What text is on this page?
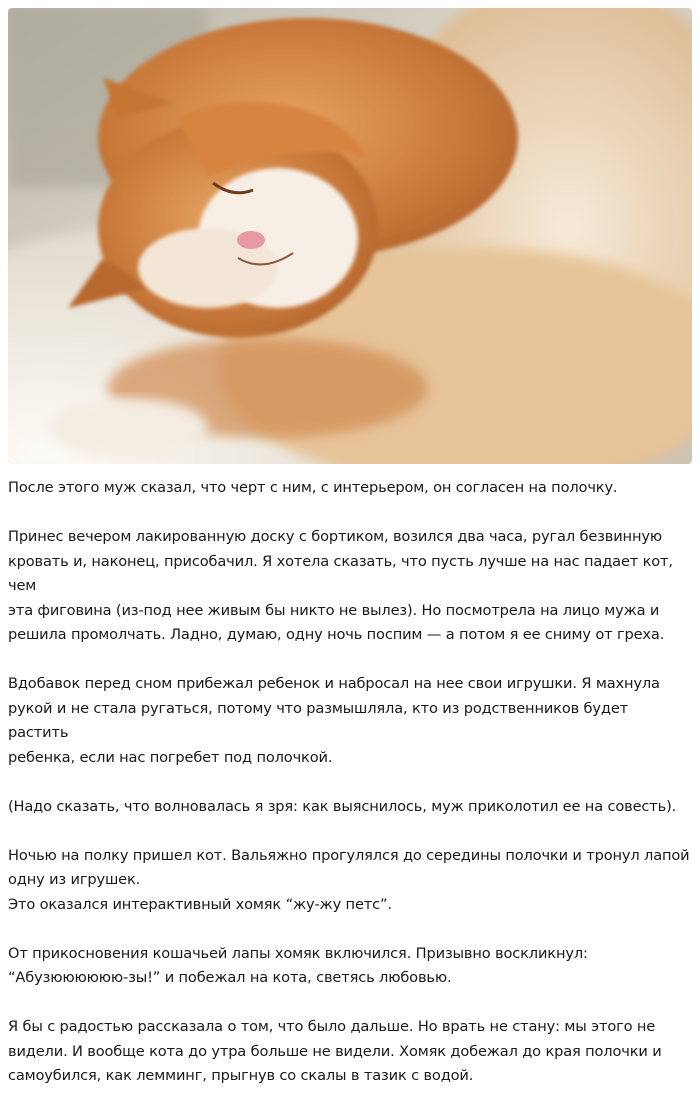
После этого муж сказал, что черт с ним, с интерьером, он согласен на полочку.

Принес вечером лакированную доску с бортиком, возился два часа, ругал безвинную
кровать и, наконец, присобачил. Я хотела сказать, что пусть лучше на нас падает кот, чем
эта фиговина (из-под нее живым бы никто не вылез). Но посмотрела на лицо мужа и
решила промолчать. Ладно, думаю, одну ночь поспим — а потом я ее сниму от греха.

Вдобавок перед сном прибежал ребенок и набросал на нее свои игрушки. Я махнула
рукой и не стала ругаться, потому что размышляла, кто из родственников будет растить
ребенка, если нас погребет под полочкой.

(Надо сказать, что волновалась я зря: как выяснилось, муж приколотил ее на совесть).

Ночью на полку пришел кот. Вальяжно прогулялся до середины полочки и тронул лапой
одну из игрушек.
Это оказался интерактивный хомяк “жу-жу петс”.

От прикосновения кошачьей лапы хомяк включился. Призывно воскликнул:
“Абузюююююю-зы!” и побежал на кота, светясь любовью.

Я бы с радостью рассказала о том, что было дальше. Но врать не стану: мы этого не
видели. И вообще кота до утра больше не видели. Хомяк добежал до края полочки и
самоубился, как лемминг, прыгнув со скалы в тазик с водой.
